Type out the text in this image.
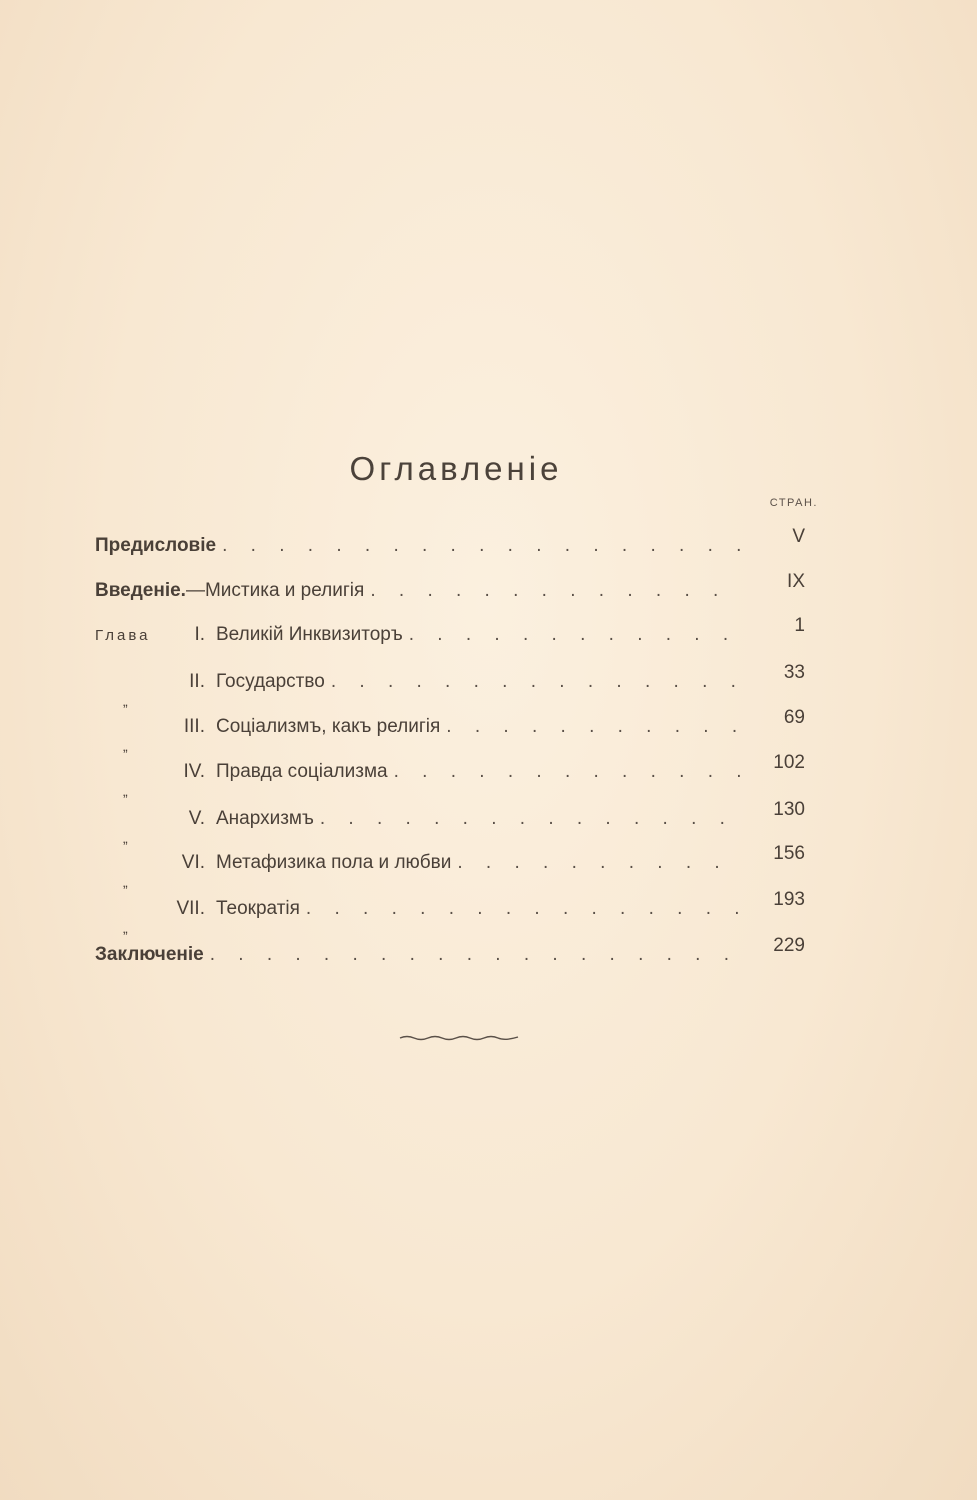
Оглавленіе
СТРАН.
Предисловіе . . .	V
Введеніе.—Мистика и религія . . .	IX
Глава	I. Великій Инквизиторъ . . .	1
„
II. Государство . . .	33
„
III. Соціализмъ, какъ религія . . .	69
„
IV. Правда соціализма . . .	102
„
V. Анархизмъ . . .	130
„
VI. Метафизика пола и любви . . .	156
„
VII. Теократія . . .	193
Заключеніе . . .	229
